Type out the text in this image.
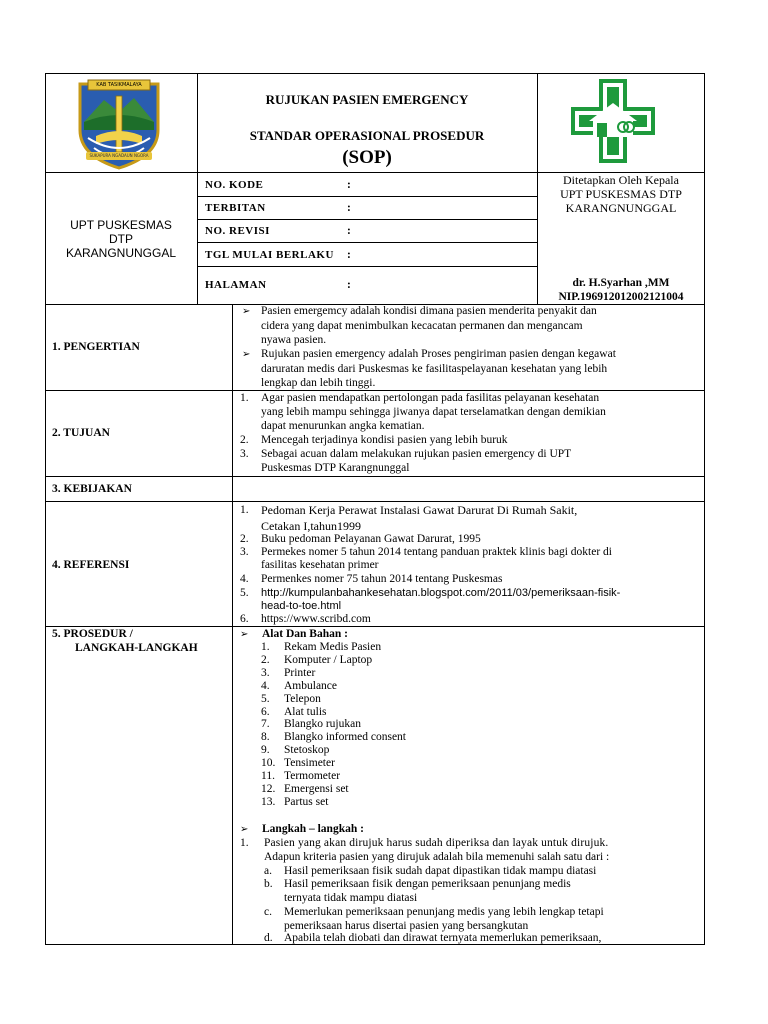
KAB TASIKMALAYA
SUKAPURA NGADAUN NGORA
RUJUKAN PASIEN EMERGENCY
STANDAR OPERASIONAL PROSEDUR
(SOP)
UPT PUSKESMAS
DTP
KARANGNUNGGAL
NO. KODE	:
TERBITAN	:
NO. REVISI	:
TGL MULAI BERLAKU :
HALAMAN	:
Ditetapkan Oleh Kepala
UPT PUSKESMAS DTP
KARANGNUNGGAL
dr. H.Syarhan ,MM
NIP.196912012002121004
1. PENGERTIAN
➢ Pasien emergemcy adalah kondisi dimana pasien menderita penyakit dan
cidera yang dapat menimbulkan kecacatan permanen dan mengancam
nyawa pasien.
➢ Rujukan pasien emergency adalah Proses pengiriman pasien dengan kegawat
daruratan medis dari Puskesmas ke fasilitaspelayanan kesehatan yang lebih
lengkap dan lebih tinggi.
2. TUJUAN
1. Agar pasien mendapatkan pertolongan pada fasilitas pelayanan kesehatan
yang lebih mampu sehingga jiwanya dapat terselamatkan dengan demikian
dapat menurunkan angka kematian.
2. Mencegah terjadinya kondisi pasien yang lebih buruk
3. Sebagai acuan dalam melakukan rujukan pasien emergency di UPT
Puskesmas DTP Karangnunggal
3. KEBIJAKAN
4. REFERENSI
1. Pedoman Kerja Perawat Instalasi Gawat Darurat Di Rumah Sakit,
Cetakan I,tahun1999
2. Buku pedoman Pelayanan Gawat Darurat, 1995
3. Permekes nomer 5 tahun 2014 tentang panduan praktek klinis bagi dokter di
fasilitas kesehatan primer
4. Permenkes nomer 75 tahun 2014 tentang Puskesmas
5. http://kumpulanbahankesehatan.blogspot.com/2011/03/pemeriksaan-fisik-
head-to-toe.html
6. https://www.scribd.com
5. PROSEDUR /
LANGKAH-LANGKAH
➢ Alat Dan Bahan :
1. Rekam Medis Pasien
2. Komputer / Laptop
3. Printer
4. Ambulance
5. Telepon
6. Alat tulis
7. Blangko rujukan
8. Blangko informed consent
9. Stetoskop
10. Tensimeter
11. Termometer
12. Emergensi set
13. Partus set
➢ Langkah – langkah :
1. Pasien yang akan dirujuk harus sudah diperiksa dan layak untuk dirujuk.
Adapun kriteria pasien yang dirujuk adalah bila memenuhi salah satu dari :
a. Hasil pemeriksaan fisik sudah dapat dipastikan tidak mampu diatasi
b. Hasil pemeriksaan fisik dengan pemeriksaan penunjang medis
ternyata tidak mampu diatasi
c. Memerlukan pemeriksaan penunjang medis yang lebih lengkap tetapi
pemeriksaan harus disertai pasien yang bersangkutan
d. Apabila telah diobati dan dirawat ternyata memerlukan pemeriksaan,
